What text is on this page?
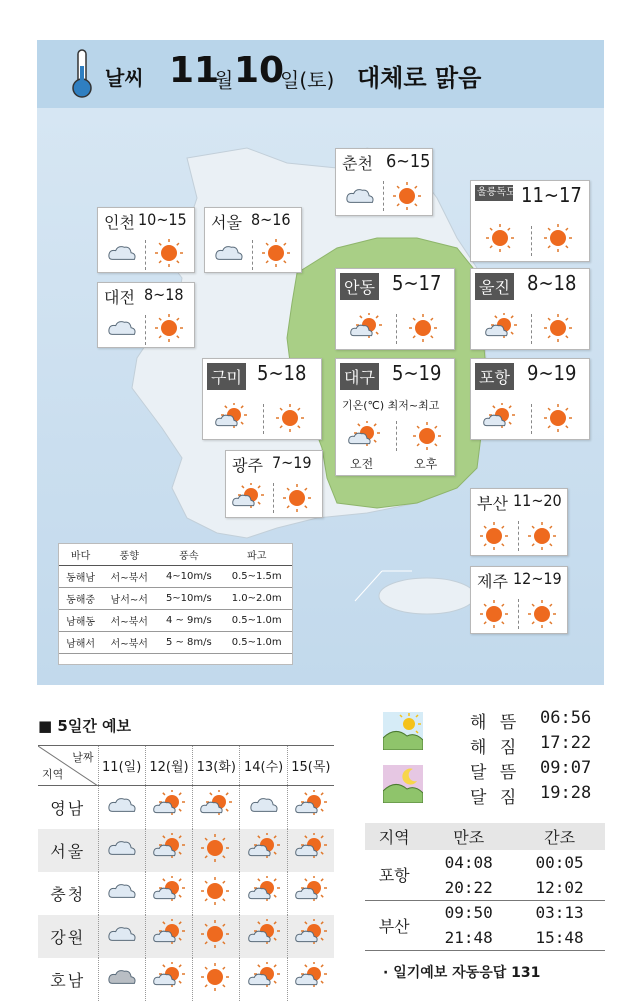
날씨 11
월 10
일(토) 대체로 맑음
춘천 6~15
울릉독도 11~17
인천 10~15 서울 8~16
대전 8~18	안동 5~17 울진 8~18
구미 5~18 대구 5~19
기온(℃) 최저~최고
오전	오후
포항 9~19
광주 7~19
부산 11~20
제주 12~19
바다	풍향	풍속	파고
동해남	서~북서	4~10m/s	0.5~1.5m
동해중	남서~서	5~10m/s	1.0~2.0m
남해동	서~북서	4 ~ 9m/s	0.5~1.0m
남해서	서~북서	5 ~ 8m/s	0.5~1.0m
■ 5일간 예보
날짜
지역	11(일)	12(월)	13(화)	14(수)	15(목)
영남					
서울					
충청					
강원					
호남					
해 뜸 06:56
해 짐 17:22
달 뜸 09:07
달 짐 19:28
지역	만조	간조
포항	04:08	00:05
	20:22	12:02
부산	09:50	03:13
	21:48	15:48
· 일기예보 자동응답 131
